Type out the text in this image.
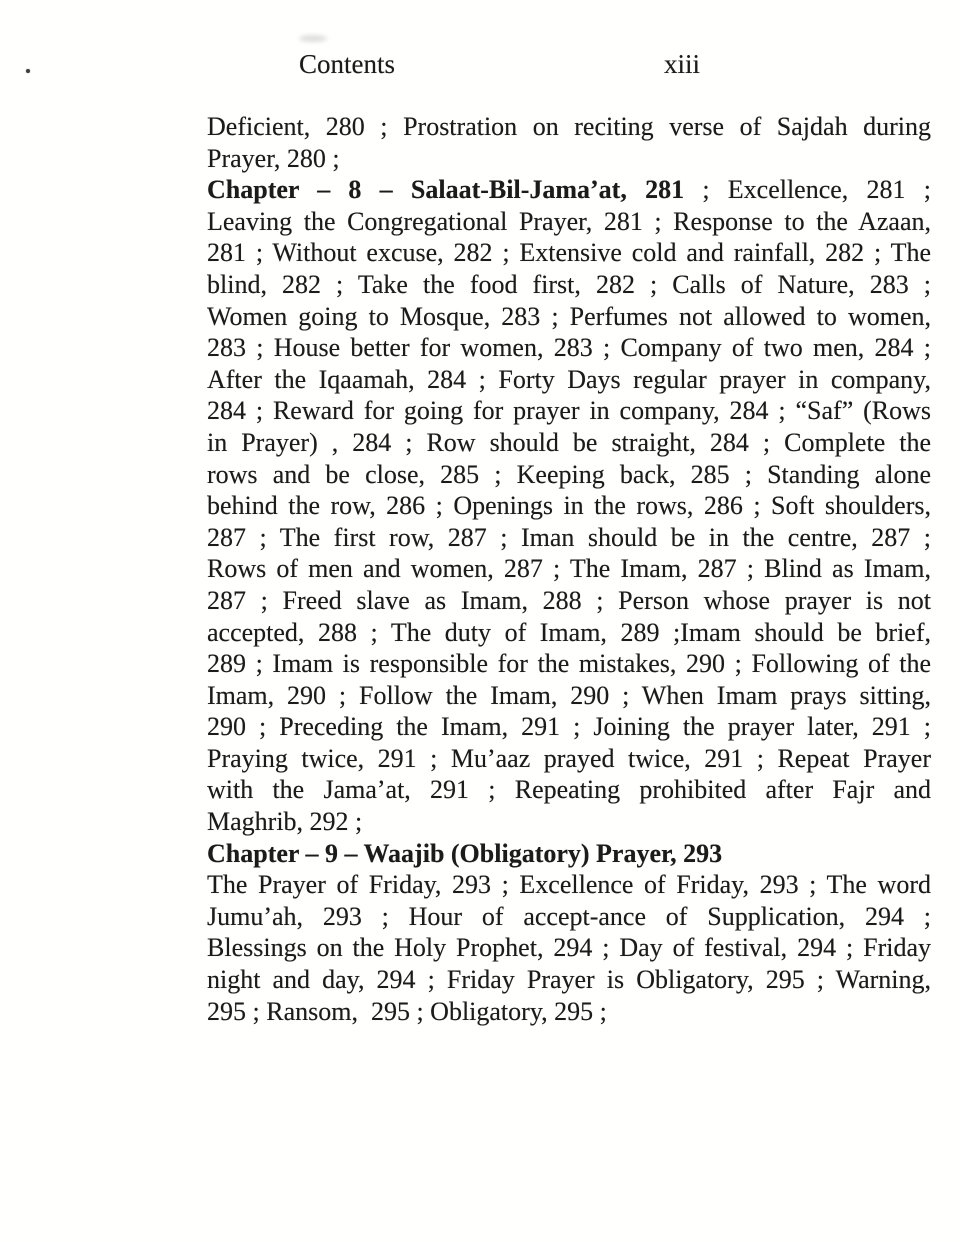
Contents	xiii
Deficient, 280 ; Prostration on reciting verse of Sajdah during
Prayer, 280 ;
Chapter – 8 – Salaat-Bil-Jama’at, 281 ; Excellence, 281 ;
Leaving the Congregational Prayer, 281 ; Response to the Azaan,
281 ; Without excuse, 282 ; Extensive cold and rainfall, 282 ; The
blind, 282 ; Take the food first, 282 ; Calls of Nature, 283 ;
Women going to Mosque, 283 ; Perfumes not allowed to women,
283 ; House better for women, 283 ; Company of two men, 284 ;
After the Iqaamah, 284 ; Forty Days regular prayer in company,
284 ; Reward for going for prayer in company, 284 ; “Saf” (Rows
in Prayer) , 284 ; Row should be straight, 284 ; Complete the
rows and be close, 285 ; Keeping back, 285 ; Standing alone
behind the row, 286 ; Openings in the rows, 286 ; Soft shoulders,
287 ; The first row, 287 ; Iman should be in the centre, 287 ;
Rows of men and women, 287 ; The Imam, 287 ; Blind as Imam,
287 ; Freed slave as Imam, 288 ; Person whose prayer is not
accepted, 288 ; The duty of Imam, 289 ;Imam should be brief,
289 ; Imam is responsible for the mistakes, 290 ; Following of the
Imam, 290 ; Follow the Imam, 290 ; When Imam prays sitting,
290 ; Preceding the Imam, 291 ; Joining the prayer later, 291 ;
Praying twice, 291 ; Mu’aaz prayed twice, 291 ; Repeat Prayer
with the Jama’at, 291 ; Repeating prohibited after Fajr and
Maghrib, 292 ;
Chapter – 9 – Waajib (Obligatory) Prayer, 293
The Prayer of Friday, 293 ; Excellence of Friday, 293 ; The word
Jumu’ah, 293 ; Hour of accept-ance of Supplication, 294 ;
Blessings on the Holy Prophet, 294 ; Day of festival, 294 ; Friday
night and day, 294 ; Friday Prayer is Obligatory, 295 ; Warning,
295 ; Ransom,  295 ; Obligatory, 295 ;
